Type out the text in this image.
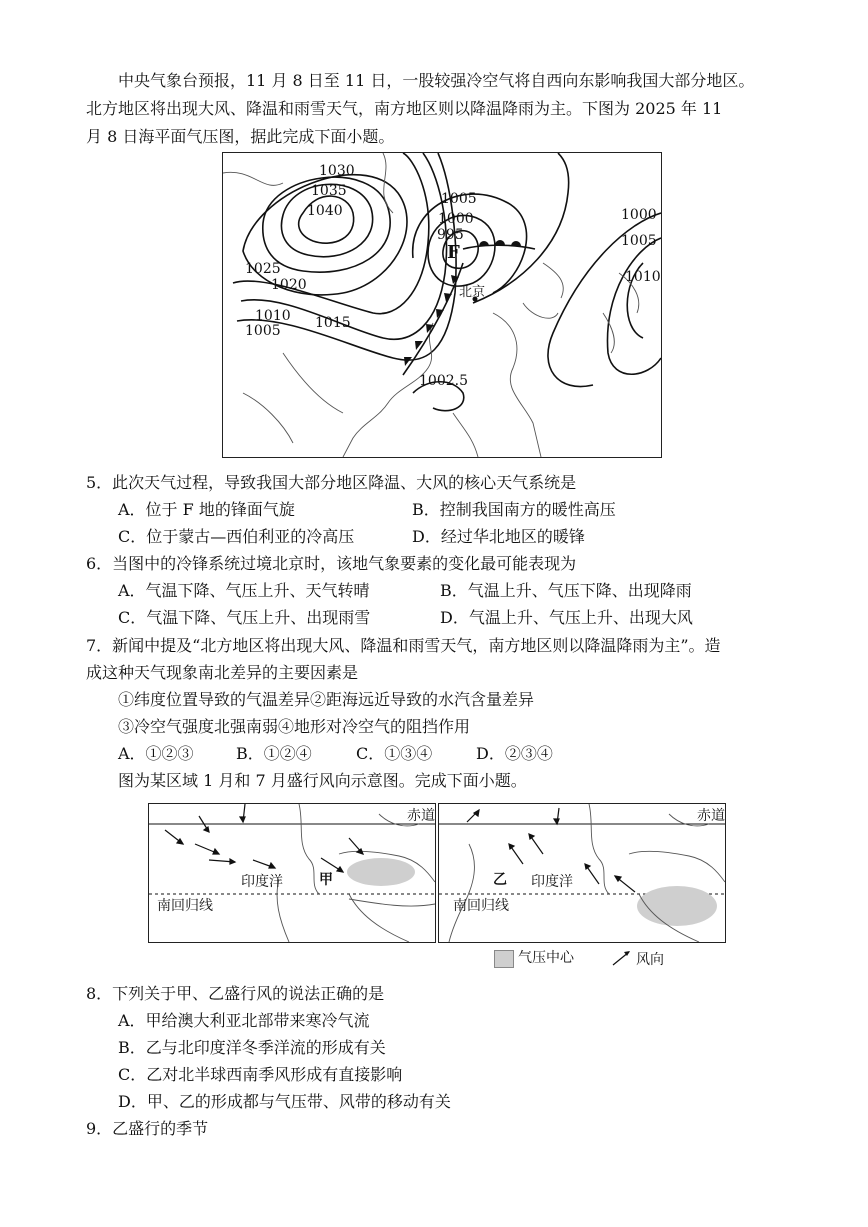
中央气象台预报，11 月 8 日至 11 日，一股较强冷空气将自西向东影响我国大部分地区。
北方地区将出现大风、降温和雨雪天气，南方地区则以降温降雨为主。下图为 2025 年 11
月 8 日海平面气压图，据此完成下面小题。
1030
1035
1040
1025
1020
1010
1005 1015
1005
1000
995
1000
1005
1010
1002.5
F
北京
5．此次天气过程，导致我国大部分地区降温、大风的核心天气系统是
A．位于 F 地的锋面气旋	B．控制我国南方的暖性高压
C．位于蒙古—西伯利亚的冷高压	D．经过华北地区的暖锋
6．当图中的冷锋系统过境北京时，该地气象要素的变化最可能表现为
A．气温下降、气压上升、天气转晴	B．气温上升、气压下降、出现降雨
C．气温下降、气压上升、出现雨雪	D．气温上升、气压上升、出现大风
7．新闻中提及“北方地区将出现大风、降温和雨雪天气，南方地区则以降温降雨为主”。造
成这种天气现象南北差异的主要因素是
①纬度位置导致的气温差异②距海远近导致的水汽含量差异
③冷空气强度北强南弱④地形对冷空气的阻挡作用
A．①②③	B．①②④	C．①③④	D．②③④
图为某区域 1 月和 7 月盛行风向示意图。完成下面小题。
赤道
印度洋	甲
南回归线
赤道
印度洋
乙
南回归线
气压中心	风向
8．下列关于甲、乙盛行风的说法正确的是
A．甲给澳大利亚北部带来寒冷气流
B．乙与北印度洋冬季洋流的形成有关
C．乙对北半球西南季风形成有直接影响
D．甲、乙的形成都与气压带、风带的移动有关
9．乙盛行的季节
